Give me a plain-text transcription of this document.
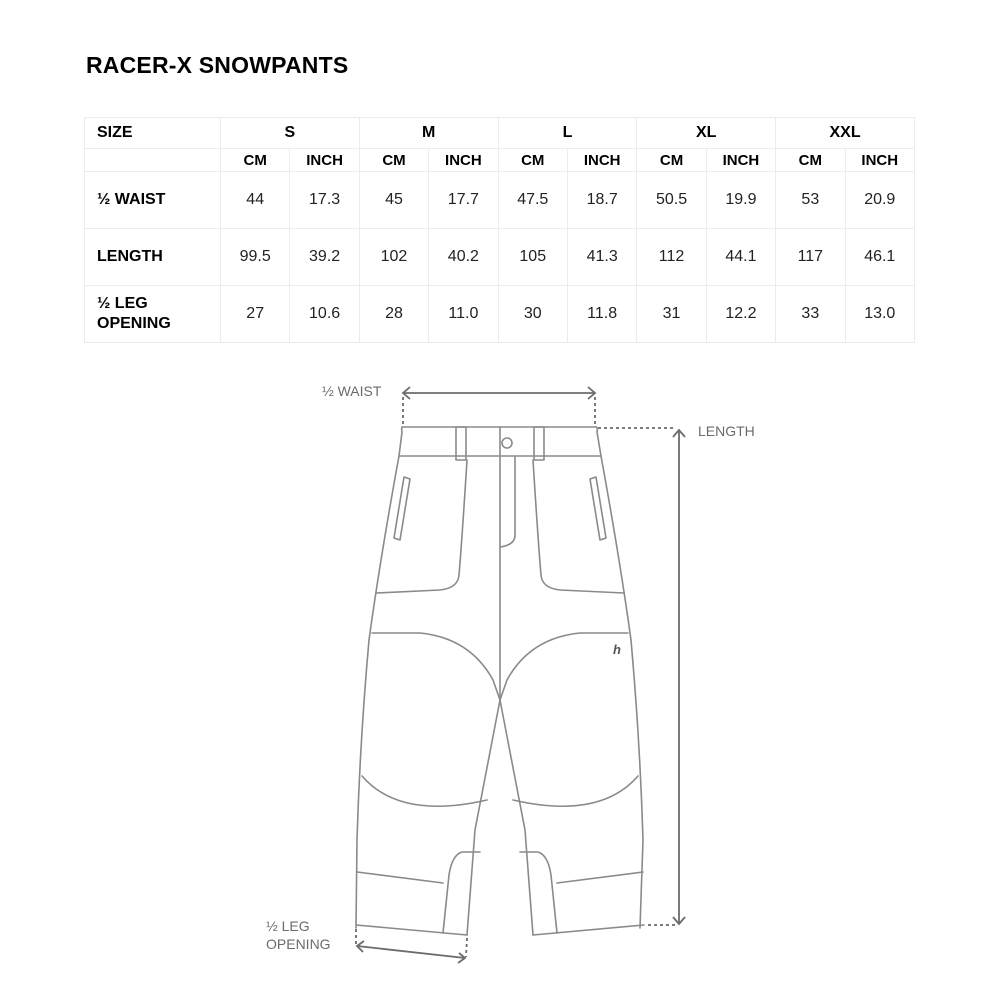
RACER-X SNOWPANTS
SIZE	S		M		L		XL		XXL	
	CM	INCH	CM	INCH	CM	INCH	CM	INCH	CM	INCH
½ WAIST	44	17.3	45	17.7	47.5	18.7	50.5	19.9	53	20.9
LENGTH	99.5	39.2	102	40.2	105	41.3	112	44.1	117	46.1

½ LEG
OPENING	27	10.6	28	11.0	30	11.8	31	12.2	33	13.0
h
½ WAIST
LENGTH
½ LEG
OPENING
